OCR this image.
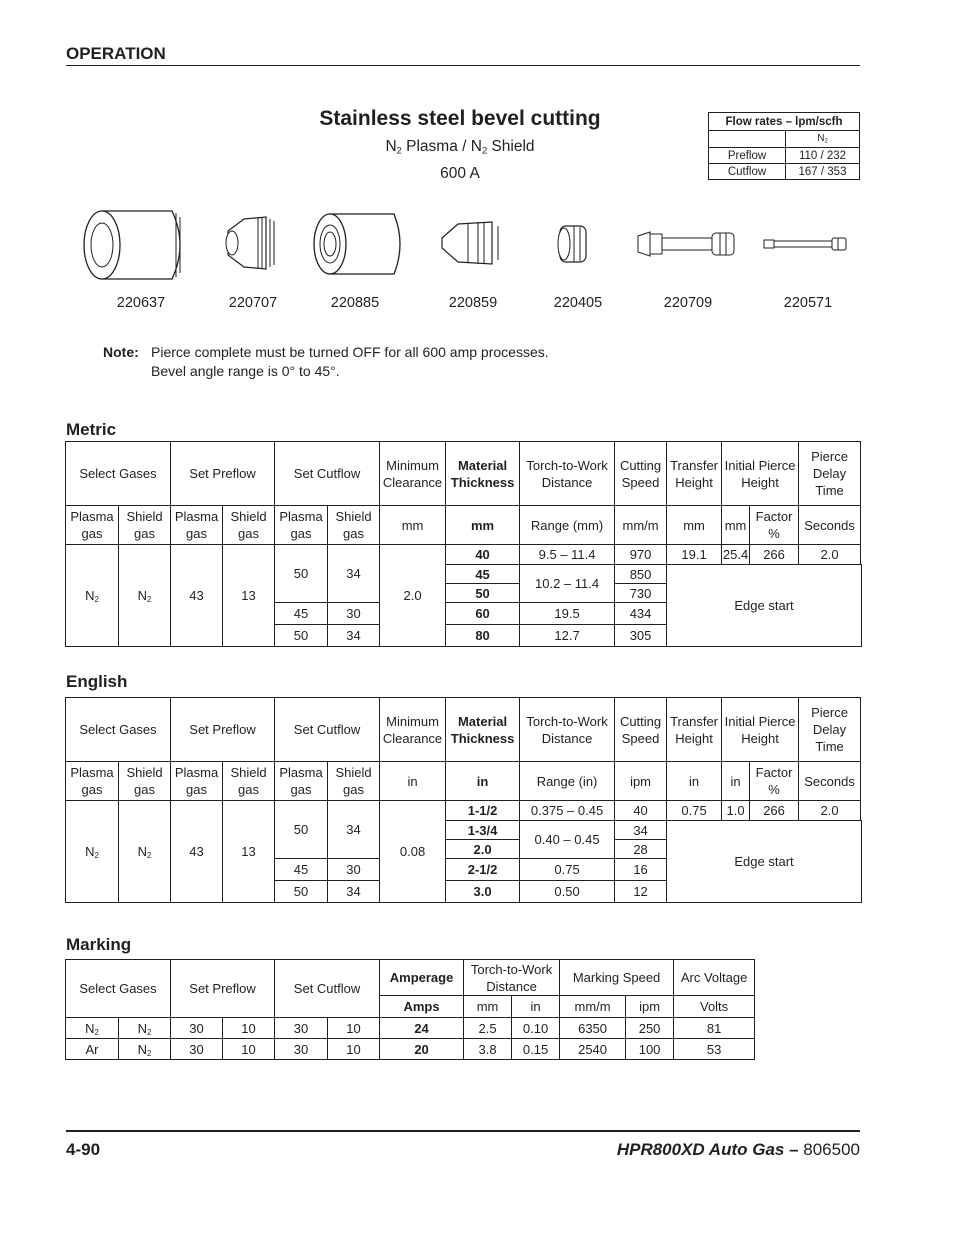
OPERATION
Stainless steel bevel cutting
$N_2$ Plasma / $N_2$ Shield
600 A
Flow rates – lpm/scfh	
	$N_2$
Preflow	110 / 232
Cutflow	167 / 353
220637	220707	220885	220859	220405	220709	220571
Note: Pierce complete must be turned OFF for all 600 amp processes.

Bevel angle range is 0° to 45°.
Metric
Select Gases		Set Preflow		Set Cutflow		Minimum Clearance	Material Thickness	Torch-to-Work Distance	Cutting Speed	Transfer Height	Initial Pierce Height		Pierce Delay Time
Plasma gas	Shield gas	Plasma gas	Shield gas	Plasma gas	Shield gas	mm	mm	Range (mm)	mm/m	mm	mm	Factor %	Seconds
$N_2$	$N_2$	43	13	50	34	2.0	40	9.5 – 11.4	970	19.1	25.4	266	2.0
							45	10.2 – 11.4	850	Edge start			
							50		730				
				45	30		60	19.5	434				
				50	34		80	12.7	305				
English
Select Gases		Set Preflow		Set Cutflow		Minimum Clearance	Material Thickness	Torch-to-Work Distance	Cutting Speed	Transfer Height	Initial Pierce Height		Pierce Delay Time
Plasma gas	Shield gas	Plasma gas	Shield gas	Plasma gas	Shield gas	in	in	Range (in)	ipm	in	in	Factor %	Seconds
$N_2$	$N_2$	43	13	50	34	0.08	1-1/2	0.375 – 0.45	40	0.75	1.0	266	2.0
							1-3/4	0.40 – 0.45	34	Edge start			
							2.0		28				
				45	30		2-1/2	0.75	16				
				50	34		3.0	0.50	12				
Marking
Select Gases		Set Preflow		Set Cutflow		Amperage	Torch-to-Work Distance		Marking Speed		Arc Voltage
						Amps	mm	in	mm/m	ipm	Volts
$N_2$	$N_2$	30	10	30	10	24	2.5	0.10	6350	250	81
Ar	$N_2$	30	10	30	10	20	3.8	0.15	2540	100	53
4-90	HPR800XD Auto Gas – 806500
